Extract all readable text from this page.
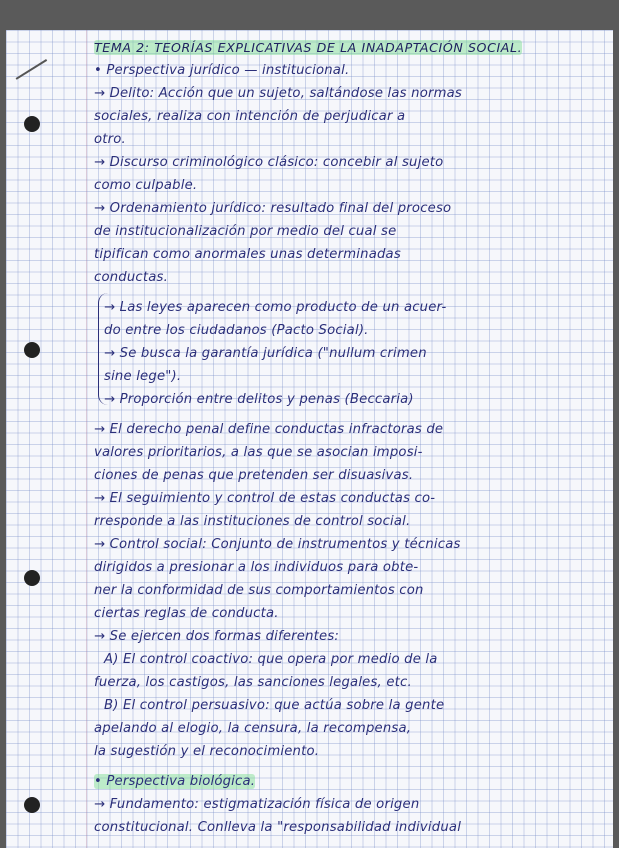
TEMA 2: TEORÍAS EXPLICATIVAS DE LA INADAPTACIÓN SOCIAL.
• Perspectiva jurídico — institucional.
→ Delito: Acción que un sujeto, saltándose las normas
sociales, realiza con intención de perjudicar a
otro.
→ Discurso criminológico clásico: concebir al sujeto
como culpable.
→ Ordenamiento jurídico: resultado final del proceso
de institucionalización por medio del cual se
tipifican como anormales unas determinadas
conductas.
→ Las leyes aparecen como producto de un acuer-
do entre los ciudadanos (Pacto Social).
→ Se busca la garantía jurídica ("nullum crimen
sine lege").
→ Proporción entre delitos y penas (Beccaria)
→ El derecho penal define conductas infractoras de
valores prioritarios, a las que se asocian imposi-
ciones de penas que pretenden ser disuasivas.
→ El seguimiento y control de estas conductas co-
rresponde a las instituciones de control social.
→ Control social: Conjunto de instrumentos y técnicas
dirigidos a presionar a los individuos para obte-
ner la conformidad de sus comportamientos con
ciertas reglas de conducta.
→ Se ejercen dos formas diferentes:
A) El control coactivo: que opera por medio de la
fuerza, los castigos, las sanciones legales, etc.
B) El control persuasivo: que actúa sobre la gente
apelando al elogio, la censura, la recompensa,
la sugestión y el reconocimiento.
• Perspectiva biológica.
→ Fundamento: estigmatización física de origen
constitucional. Conlleva la "responsabilidad individual
